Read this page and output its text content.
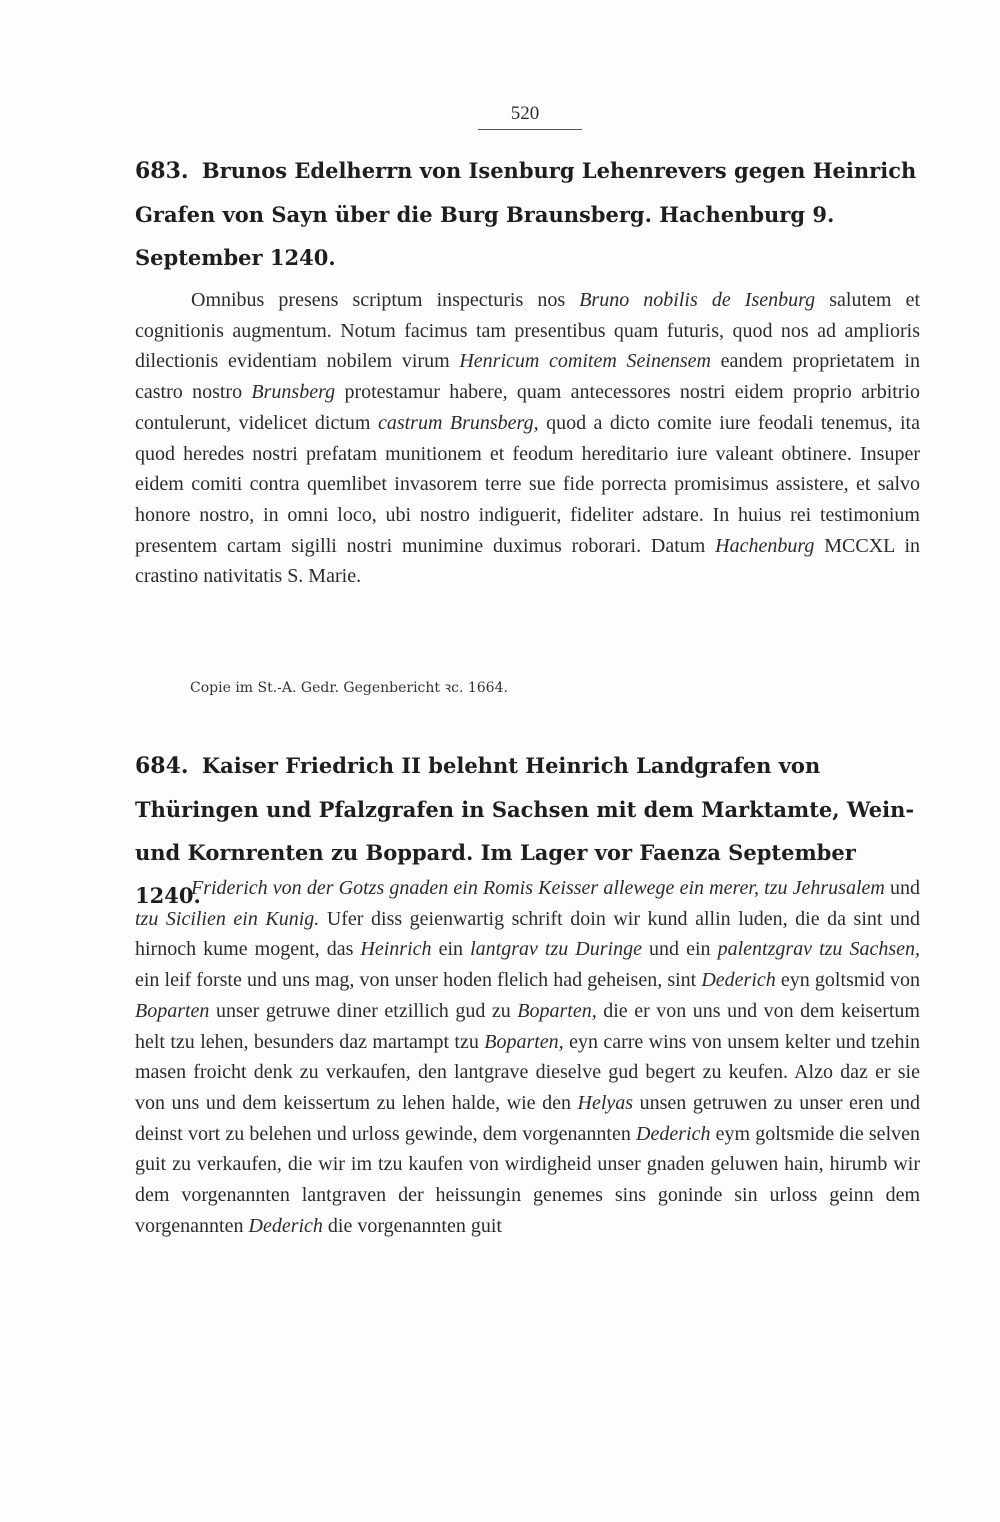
520
683. Brunos Edelherrn von Isenburg Lehenrevers gegen Heinrich Grafen von Sayn über die Burg Braunsberg. Hachenburg 9. September 1240.
Omnibus presens scriptum inspecturis nos Bruno nobilis de Isenburg salutem et cognitionis augmentum. Notum facimus tam presentibus quam futuris, quod nos ad amplioris dilectionis evidentiam nobilem virum Henricum comitem Seinensem eandem proprietatem in castro nostro Brunsberg protestamur habere, quam antecessores nostri eidem proprio arbitrio contulerunt, videlicet dictum castrum Brunsberg, quod a dicto comite iure feodali tenemus, ita quod heredes nostri prefatam munitionem et feodum hereditario iure valeant obtinere. Insuper eidem comiti contra quemlibet invasorem terre sue fide porrecta promisimus assistere, et salvo honore nostro, in omni loco, ubi nostro indiguerit, fideliter adstare. In huius rei testimonium presentem cartam sigilli nostri munimine duximus roborari. Datum Hachenburg MCCXL in crastino nativitatis S. Marie.
Copie im St.-A. Gedr. Gegenbericht ꝛc. 1664.
684. Kaiser Friedrich II belehnt Heinrich Landgrafen von Thüringen und Pfalzgrafen in Sachsen mit dem Marktamte, Wein- und Kornrenten zu Boppard. Im Lager vor Faenza September 1240.
Friderich von der Gotzs gnaden ein Romis Keisser allewege ein merer, tzu Jehrusalem und tzu Sicilien ein Kunig. Ufer diss geienwartig schrift doin wir kund allin luden, die da sint und hirnoch kume mogent, das Heinrich ein lantgrav tzu Duringe und ein palentzgrav tzu Sachsen, ein leif forste und uns mag, von unser hoden flelich had geheisen, sint Dederich eyn goltsmid von Boparten unser getruwe diner etzillich gud zu Boparten, die er von uns und von dem keisertum helt tzu lehen, besunders daz martampt tzu Boparten, eyn carre wins von unsem kelter und tzehin masen froicht denk zu verkaufen, den lantgrave dieselve gud begert zu keufen. Alzo daz er sie von uns und dem keissertum zu lehen halde, wie den Helyas unsen getruwen zu unser eren und deinst vort zu belehen und urloss gewinde, dem vorgenannten Dederich eym goltsmide die selven guit zu verkaufen, die wir im tzu kaufen von wirdigheid unser gnaden geluwen hain, hirumb wir dem vorgenannten lantgraven der heissungin genemes sins goninde sin urloss geinn dem vorgenannten Dederich die vorgenannten guit
